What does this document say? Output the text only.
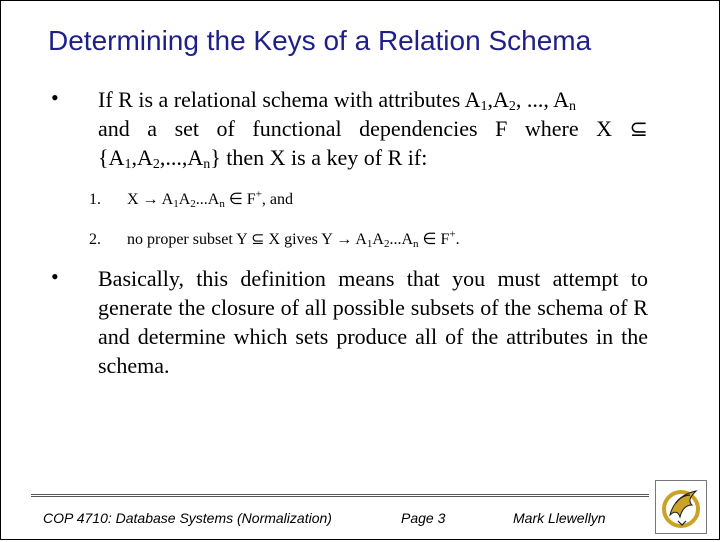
Determining the Keys of a Relation Schema
• If R is a relational schema with attributes $A_1,A_2$, ..., $A_n$
and a set of functional dependencies F where X ⊆
$\{A_1,A_2,...,A_n\}$ then X is a key of R if:
1. $X \to A_1A_2...A_n$ ∈ F+, and
2. no proper subset Y ⊆ X gives $Y \to A_1A_2...A_n$ ∈ F+.
• Basically, this definition means that you must attempt to generate the closure of all possible subsets of the schema of R and determine which sets produce all of the attributes in the schema.
COP 4710: Database Systems (Normalization)	Page 3	Mark Llewellyn
